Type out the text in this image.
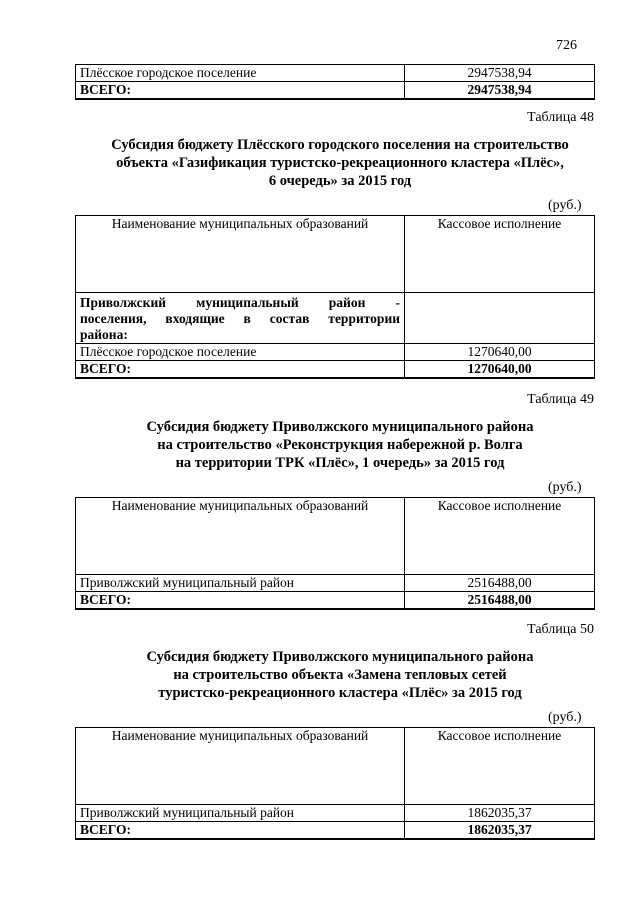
726
Плёсское городское поселение	2947538,94
ВСЕГО:	2947538,94
Таблица 48
Субсидия бюджету Плёсского городского поселения на строительство
объекта «Газификация туристско-рекреационного кластера «Плёс»,
6 очередь» за 2015 год
(руб.)
Наименование муниципальных образований	Кассовое исполнение

Приволжский муниципальный район -
поселения, входящие в состав территории
района:	

Плёсское городское поселение	1270640,00
ВСЕГО:	1270640,00
Таблица 49
Субсидия бюджету Приволжского муниципального района
на строительство «Реконструкция набережной р. Волга
на территории ТРК «Плёс», 1 очередь» за 2015 год
(руб.)
Наименование муниципальных образований	Кассовое исполнение
Приволжский муниципальный район	2516488,00
ВСЕГО:	2516488,00
Таблица 50
Субсидия бюджету Приволжского муниципального района
на строительство объекта «Замена тепловых сетей
туристско-рекреационного кластера «Плёс» за 2015 год
(руб.)
Наименование муниципальных образований	Кассовое исполнение
Приволжский муниципальный район	1862035,37
ВСЕГО:	1862035,37
